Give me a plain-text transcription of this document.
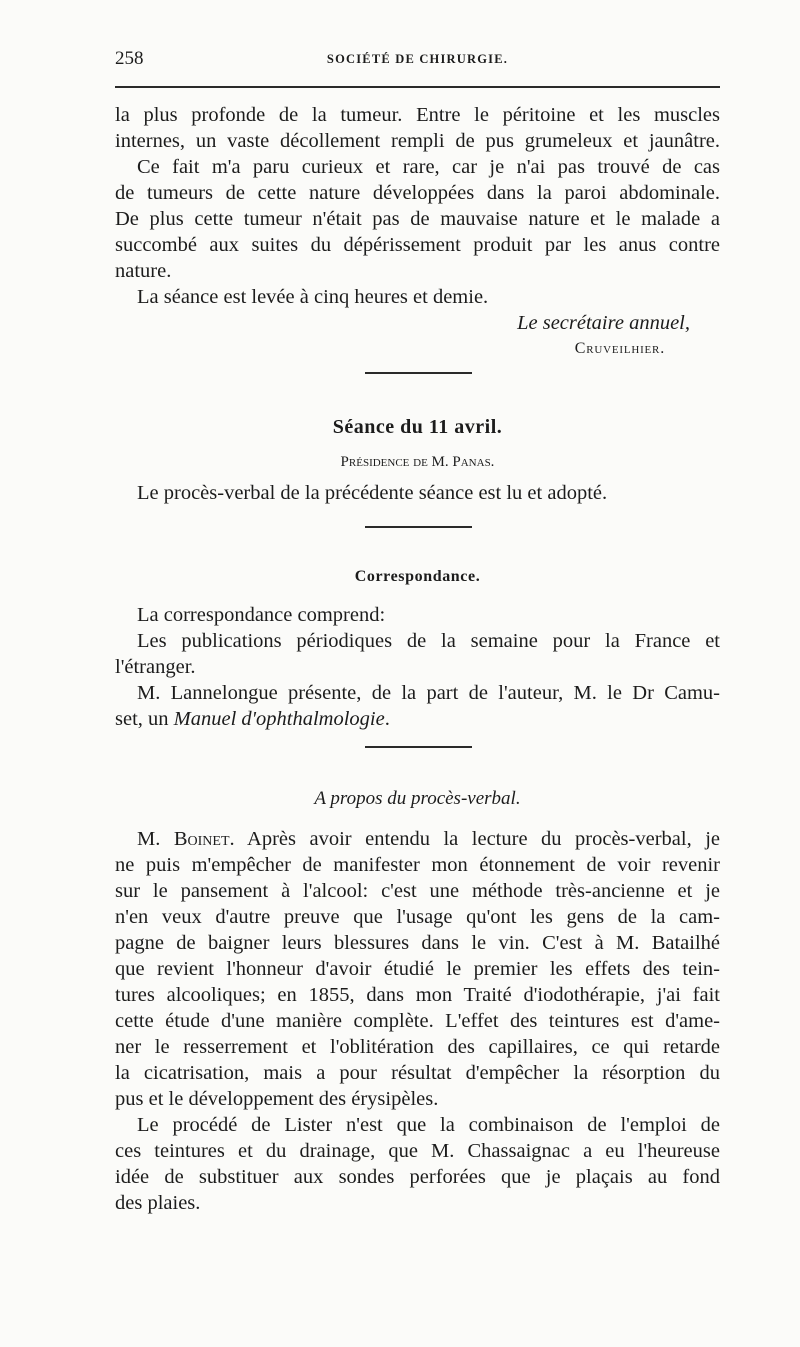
258	SOCIÉTÉ DE CHIRURGIE.
la plus profonde de la tumeur. Entre le péritoine et les muscles
internes, un vaste décollement rempli de pus grumeleux et jaunâtre.
Ce fait m'a paru curieux et rare, car je n'ai pas trouvé de cas
de tumeurs de cette nature développées dans la paroi abdominale.
De plus cette tumeur n'était pas de mauvaise nature et le malade a
succombé aux suites du dépérissement produit par les anus contre
nature.
La séance est levée à cinq heures et demie.
Le secrétaire annuel,
Cruveilhier.
Séance du 11 avril.
Présidence de M. Panas.
Le procès-verbal de la précédente séance est lu et adopté.
Correspondance.
La correspondance comprend:
Les publications périodiques de la semaine pour la France et
l'étranger.
M. Lannelongue présente, de la part de l'auteur, M. le Dr Camu-
set, un Manuel d'ophthalmologie.
A propos du procès-verbal.
M. Boinet. Après avoir entendu la lecture du procès-verbal, je
ne puis m'empêcher de manifester mon étonnement de voir revenir
sur le pansement à l'alcool: c'est une méthode très-ancienne et je
n'en veux d'autre preuve que l'usage qu'ont les gens de la cam-
pagne de baigner leurs blessures dans le vin. C'est à M. Batailhé
que revient l'honneur d'avoir étudié le premier les effets des tein-
tures alcooliques; en 1855, dans mon Traité d'iodothérapie, j'ai fait
cette étude d'une manière complète. L'effet des teintures est d'ame-
ner le resserrement et l'oblitération des capillaires, ce qui retarde
la cicatrisation, mais a pour résultat d'empêcher la résorption du
pus et le développement des érysipèles.
Le procédé de Lister n'est que la combinaison de l'emploi de
ces teintures et du drainage, que M. Chassaignac a eu l'heureuse
idée de substituer aux sondes perforées que je plaçais au fond
des plaies.
